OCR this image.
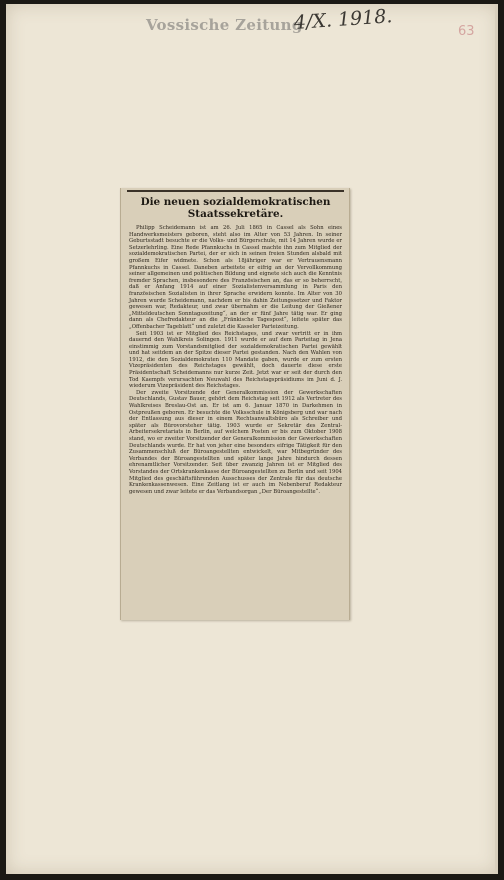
Vossische Zeitung
4/X. 1918.	63
Die neuen sozialdemokratischen
Staatssekretäre.

Philipp Scheidemann ist am 26. Juli 1865 in Cassel als Sohn eines Handwerksmeisters geboren, steht also im Alter von 53 Jahren. In seiner Geburtsstadt besuchte er die Volks- und Bürgerschule, mit 14 Jahren wurde er Setzerlehrling. Eine Rede Pfannkuchs in Cassel machte ihn zum Mitglied der sozialdemokratischen Partei, der er sich in seinen freien Stunden alsbald mit großem Eifer widmete. Schon als 18jähriger war er Vertrauensmann Pfannkuchs in Cassel. Daneben arbeitete er eifrig an der Vervollkommung seiner allgemeinen und politischen Bildung und eignete sich auch die Kenntnis fremder Sprachen, insbesondere des Französischen an, das er so beherrscht, daß er Anfang 1914 auf einer Sozialistenversammlung in Paris den französischen Sozialisten in ihrer Sprache erwidern konnte. Im Alter von 30 Jahren wurde Scheidemann, nachdem er bis dahin Zeitungssetzer und Faktor gewesen war, Redakteur, und zwar übernahm er die Leitung der Gießener „Mitteldeutschen Sonntagszeitung“, an der er fünf Jahre tätig war. Er ging dann als Chefredakteur an die „Fränkische Tagespost“, leitete später das „Offenbacher Tageblatt“ und zuletzt die Kasseler Parteizeitung.

Seit 1903 ist er Mitglied des Reichstages, und zwar vertritt er in ihm dauernd den Wahlkreis Solingen. 1911 wurde er auf dem Parteitag in Jena einstimmig zum Vorstandsmitglied der sozialdemokratischen Partei gewählt und hat seitdem an der Spitze dieser Partei gestanden. Nach den Wahlen von 1912, die den Sozialdemokraten 110 Mandate gaben, wurde er zum ersten Vizepräsidenten des Reichstages gewählt, doch dauerte diese erste Präsidentschaft Scheidemanns nur kurze Zeit. Jetzt war er seit der durch den Tod Kaempfs verursachten Neuwahl des Reichstagspräsidiums im Juni d. J. wiederum Vizepräsident des Reichstages.

Der zweite Vorsitzende der Generalkommission der Gewerkschaften Deutschlands, Gustav Bauer, gehört dem Reichstag seit 1912 als Vertreter des Wahlkreises Breslau-Ost an. Er ist am 6. Januar 1870 in Darkehmen in Ostpreußen geboren. Er besuchte die Volksschule in Königsberg und war nach der Entlassung aus dieser in einem Rechtsanwaltsbüro als Schreiber und später als Bürovorsteher tätig. 1903 wurde er Sekretär des Zentral-Arbeitersekretariats in Berlin, auf welchem Posten er bis zum Oktober 1908 stand, wo er zweiter Vorsitzender der Generalkommission der Gewerkschaften Deutschlands wurde. Er hat von jeher eine besonders eifrige Tätigkeit für den Zusammenschluß der Büroangestellten entwickelt, war Mitbegründer des Verbandes der Büroangestellten und später lange Jahre hindurch dessen ehrenamtlicher Vorsitzender. Seit über zwanzig Jahren ist er Mitglied des Vorstandes der Ortskrankenkasse der Büroangestellten zu Berlin und seit 1904 Mitglied des geschäftsführenden Ausschusses der Zentrale für das deutsche Krankenkassenwesen. Eine Zeitlang ist er auch im Nebenberuf Redakteur gewesen und zwar leitete er das Verbandsorgan „Der Büroangestellte“.
